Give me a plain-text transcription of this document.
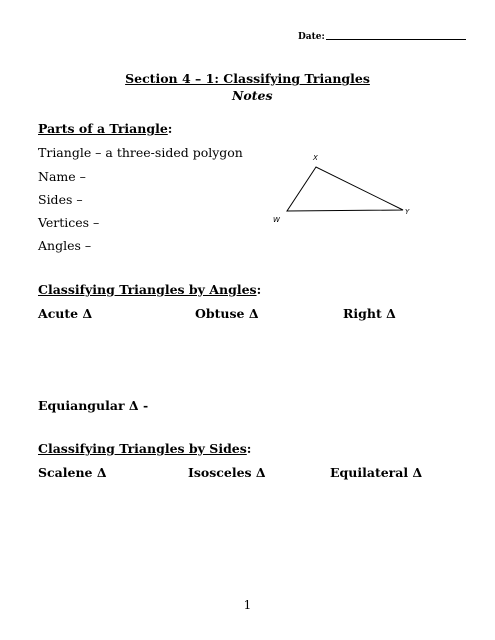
Date:
Section 4 – 1: Classifying Triangles
Notes
Parts of a Triangle:
Triangle – a three-sided polygon
Name –
Sides –
Vertices –
Angles –
X
W
Y
Classifying Triangles by Angles:
Acute Δ	Obtuse Δ	Right Δ
Equiangular Δ -
Classifying Triangles by Sides:
Scalene Δ	Isosceles Δ	Equilateral Δ
1
